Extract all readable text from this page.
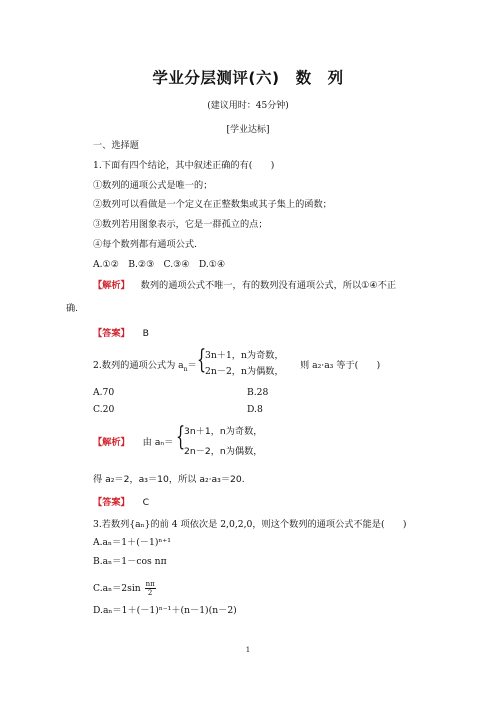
学业分层测评(六)　数　列
(建议用时：45分钟)
[学业达标]
一、选择题
1.下面有四个结论，其中叙述正确的有(　　)
①数列的通项公式是唯一的；
②数列可以看做是一个定义在正整数集或其子集上的函数；
③数列若用图象表示，它是一群孤立的点；
④每个数列都有通项公式.
A.①②　B.②③　C.③④　D.①④
【解析】 数列的通项公式不唯一，有的数列没有通项公式，所以①④不正
确.
【答案】 B
2.数列的通项公式为 $a_n=$ {
3n＋1，n为奇数，
2n－2，n为偶数，
则 a₂·a₃ 等于(　　)
A.70	B.28
C.20	D.8
【解析】 由 aₙ＝ {
3n＋1，n为奇数，
2n－2，n为偶数，
得 a₂＝2，a₃＝10，所以 a₂·a₃＝20.
【答案】 C
3.若数列{aₙ}的前 4 项依次是 2,0,2,0，则这个数列的通项公式不能是(　　)
A.aₙ＝1＋(－1)ⁿ⁺¹
B.aₙ＝1－cos nπ
$C.a_n=2\sin \frac{n\pi}{2}$
D.aₙ＝1＋(－1)ⁿ⁻¹＋(n－1)(n－2)
1
